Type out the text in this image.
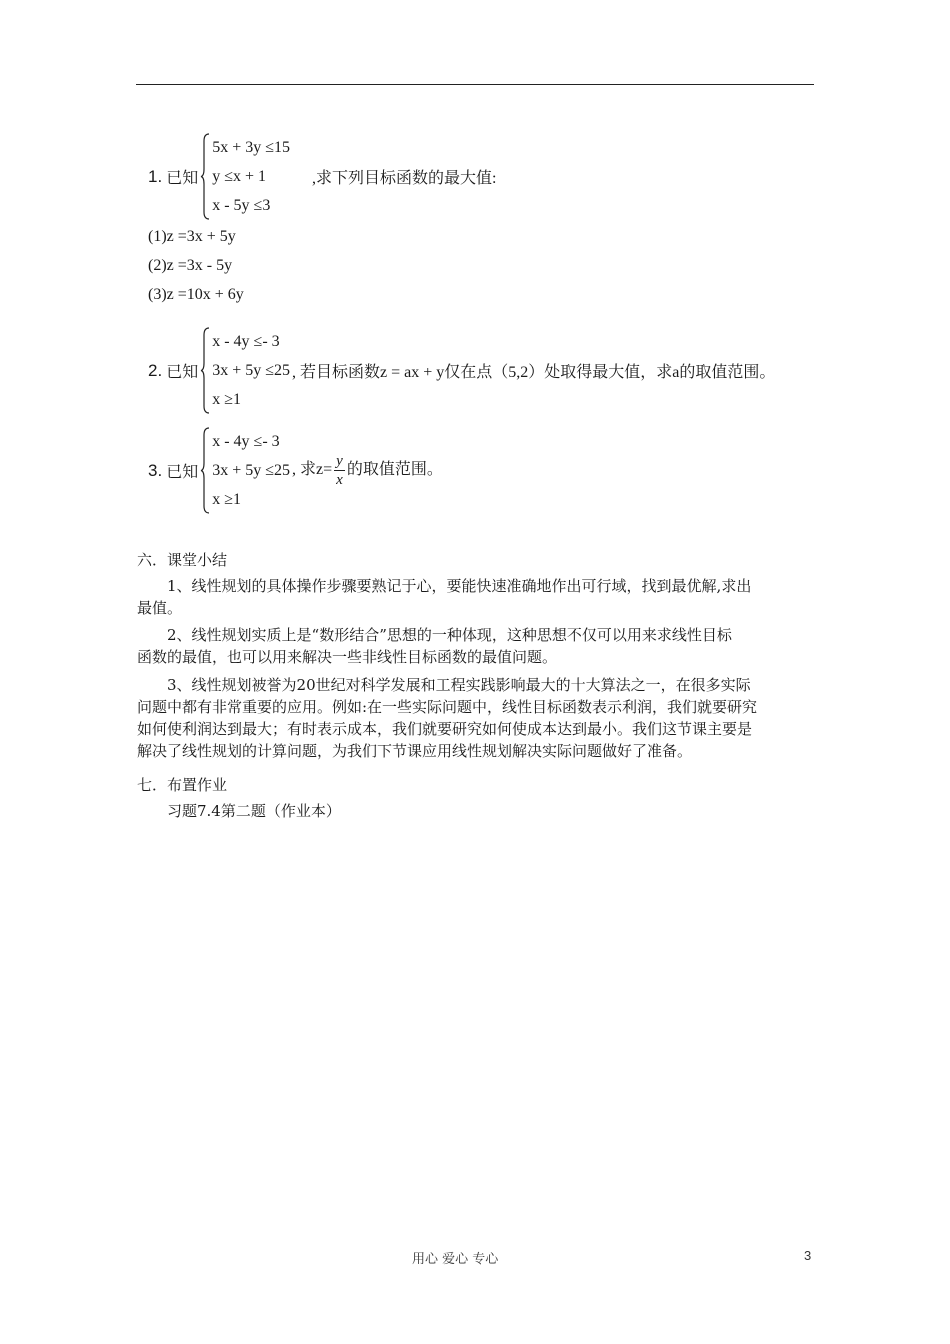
1. 已知
5x + 3y ≤15
y ≤x + 1
x - 5y ≤3
,求下列目标函数的最大值:
(1)z =3x + 5y
(2)z =3x - 5y
(3)z =10x + 6y
2. 已知
x - 4y ≤- 3
3x + 5y ≤25
x ≥1
, 若目标函数z = ax + y仅在点（5,2）处取得最大值，求a的取值范围。
3. 已知
x - 4y ≤- 3
3x + 5y ≤25
x ≥1
, 求$z= \frac{y}{x}$ 的取值范围。
六．课堂小结
　　1、线性规划的具体操作步骤要熟记于心，要能快速准确地作出可行域，找到最优解,求出
最值。
　　2、线性规划实质上是“数形结合”思想的一种体现，这种思想不仅可以用来求线性目标
函数的最值，也可以用来解决一些非线性目标函数的最值问题。
　　3、线性规划被誉为20世纪对科学发展和工程实践影响最大的十大算法之一，在很多实际
问题中都有非常重要的应用。例如:在一些实际问题中，线性目标函数表示利润，我们就要研究
如何使利润达到最大；有时表示成本，我们就要研究如何使成本达到最小。我们这节课主要是
解决了线性规划的计算问题，为我们下节课应用线性规划解决实际问题做好了准备。
七．布置作业
　　习题7.4第二题（作业本）
用心 爱心 专心	3
